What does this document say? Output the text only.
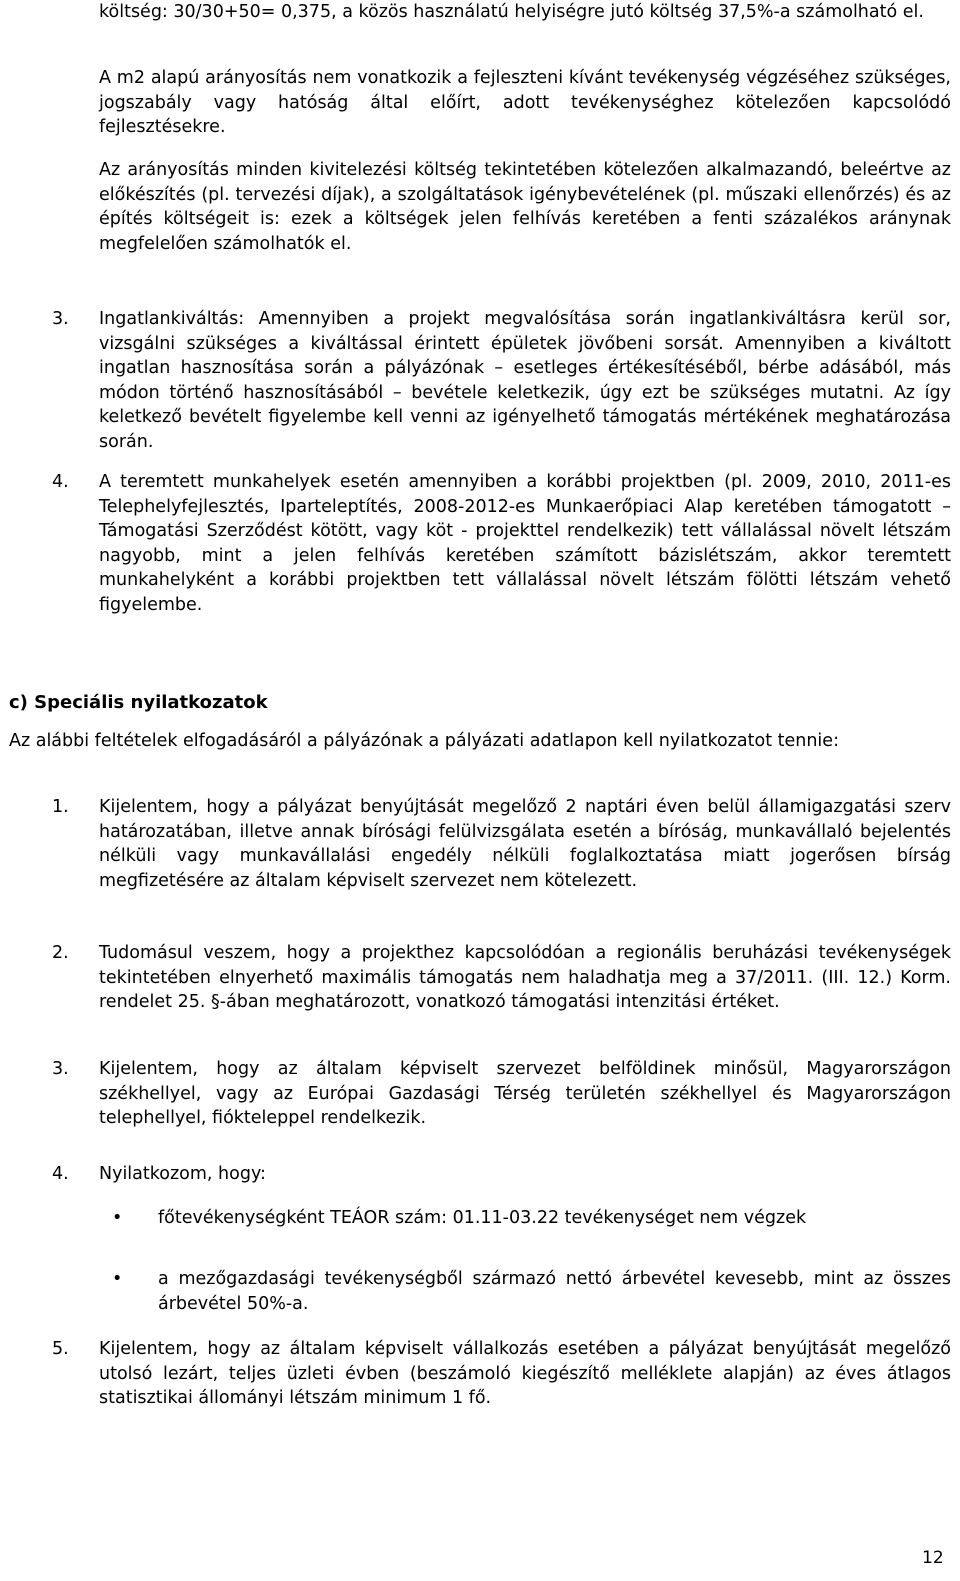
költség: 30/30+50= 0,375, a közös használatú helyiségre jutó költség 37,5%-a számolható el.

A m2 alapú arányosítás nem vonatkozik a fejleszteni kívánt tevékenység végzéséhez szükséges, jogszabály vagy hatóság által előírt, adott tevékenységhez kötelezően kapcsolódó fejlesztésekre.

Az arányosítás minden kivitelezési költség tekintetében kötelezően alkalmazandó, beleértve az előkészítés (pl. tervezési díjak), a szolgáltatások igénybevételének (pl. műszaki ellenőrzés) és az építés költségeit is: ezek a költségek jelen felhívás keretében a fenti százalékos aránynak megfelelően számolhatók el.

3. Ingatlankiváltás: Amennyiben a projekt megvalósítása során ingatlankiváltásra kerül sor, vizsgálni szükséges a kiváltással érintett épületek jövőbeni sorsát. Amennyiben a kiváltott ingatlan hasznosítása során a pályázónak – esetleges értékesítéséből, bérbe adásából, más módon történő hasznosításából – bevétele keletkezik, úgy ezt be szükséges mutatni. Az így keletkező bevételt figyelembe kell venni az igényelhető támogatás mértékének meghatározása során.

4. A teremtett munkahelyek esetén amennyiben a korábbi projektben (pl. 2009, 2010, 2011-es Telephelyfejlesztés, Iparteleptítés, 2008-2012-es Munkaerőpiaci Alap keretében támogatott – Támogatási Szerződést kötött, vagy köt - projekttel rendelkezik) tett vállalással növelt létszám nagyobb, mint a jelen felhívás keretében számított bázislétszám, akkor teremtett munkahelyként a korábbi projektben tett vállalással növelt létszám fölötti létszám vehető figyelembe.

c) Speciális nyilatkozatok

Az alábbi feltételek elfogadásáról a pályázónak a pályázati adatlapon kell nyilatkozatot tennie:

1. Kijelentem, hogy a pályázat benyújtását megelőző 2 naptári éven belül államigazgatási szerv határozatában, illetve annak bírósági felülvizsgálata esetén a bíróság, munkavállaló bejelentés nélküli vagy munkavállalási engedély nélküli foglalkoztatása miatt jogerősen bírság megfizetésére az általam képviselt szervezet nem kötelezett.

2. Tudomásul veszem, hogy a projekthez kapcsolódóan a regionális beruházási tevékenységek tekintetében elnyerhető maximális támogatás nem haladhatja meg a 37/2011. (III. 12.) Korm. rendelet 25. §-ában meghatározott, vonatkozó támogatási intenzitási értéket.

3. Kijelentem, hogy az általam képviselt szervezet belföldinek minősül, Magyarországon székhellyel, vagy az Európai Gazdasági Térség területén székhellyel és Magyarországon telephellyel, fiókteleppel rendelkezik.

4. Nyilatkozom, hogy:

• főtevékenységként TEÁOR szám: 01.11-03.22 tevékenységet nem végzek

• a mezőgazdasági tevékenységből származó nettó árbevétel kevesebb, mint az összes árbevétel 50%-a.

5. Kijelentem, hogy az általam képviselt vállalkozás esetében a pályázat benyújtását megelőző utolsó lezárt, teljes üzleti évben (beszámoló kiegészítő melléklete alapján) az éves átlagos statisztikai állományi létszám minimum 1 fő.

12
